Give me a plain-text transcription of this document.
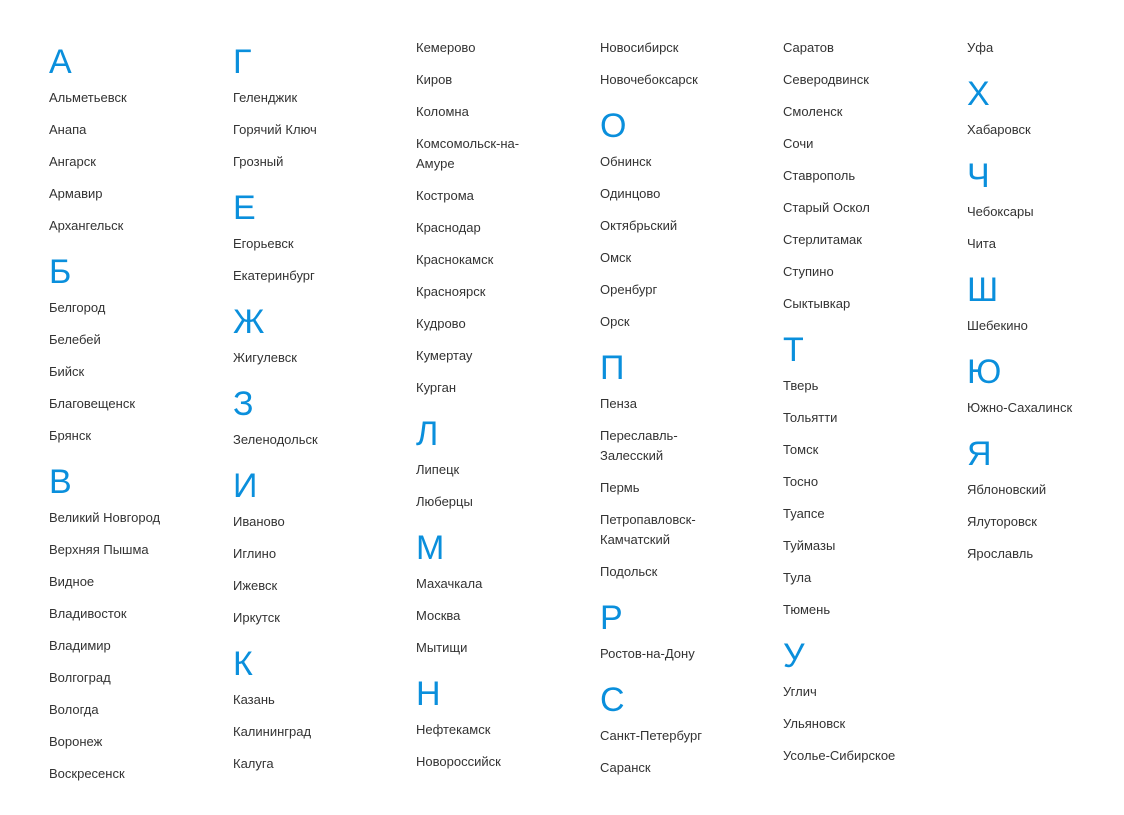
А
Альметьевск
Анапа
Ангарск
Армавир
Архангельск
Б
Белгород
Белебей
Бийск
Благовещенск
Брянск
В
Великий Новгород
Верхняя Пышма
Видное
Владивосток
Владимир
Волгоград
Вологда
Воронеж
Воскресенск
Г
Геленджик
Горячий Ключ
Грозный
Е
Егорьевск
Екатеринбург
Ж
Жигулевск
З
Зеленодольск
И
Иваново
Иглино
Ижевск
Иркутск
К
Казань
Калининград
Калуга
Кемерово
Киров
Коломна
Комсомольск-на-Амуре
Кострома
Краснодар
Краснокамск
Красноярск
Кудрово
Кумертау
Курган
Л
Липецк
Люберцы
М
Махачкала
Москва
Мытищи
Н
Нефтекамск
Новороссийск
Новосибирск
Новочебоксарск
О
Обнинск
Одинцово
Октябрьский
Омск
Оренбург
Орск
П
Пенза
Переславль-Залесский
Пермь
Петропавловск-Камчатский
Подольск
Р
Ростов-на-Дону
С
Санкт-Петербург
Саранск
Саратов
Северодвинск
Смоленск
Сочи
Ставрополь
Старый Оскол
Стерлитамак
Ступино
Сыктывкар
Т
Тверь
Тольятти
Томск
Тосно
Туапсе
Туймазы
Тула
Тюмень
У
Углич
Ульяновск
Усолье-Сибирское
Уфа
Х
Хабаровск
Ч
Чебоксары
Чита
Ш
Шебекино
Ю
Южно-Сахалинск
Я
Яблоновский
Ялуторовск
Ярославль
